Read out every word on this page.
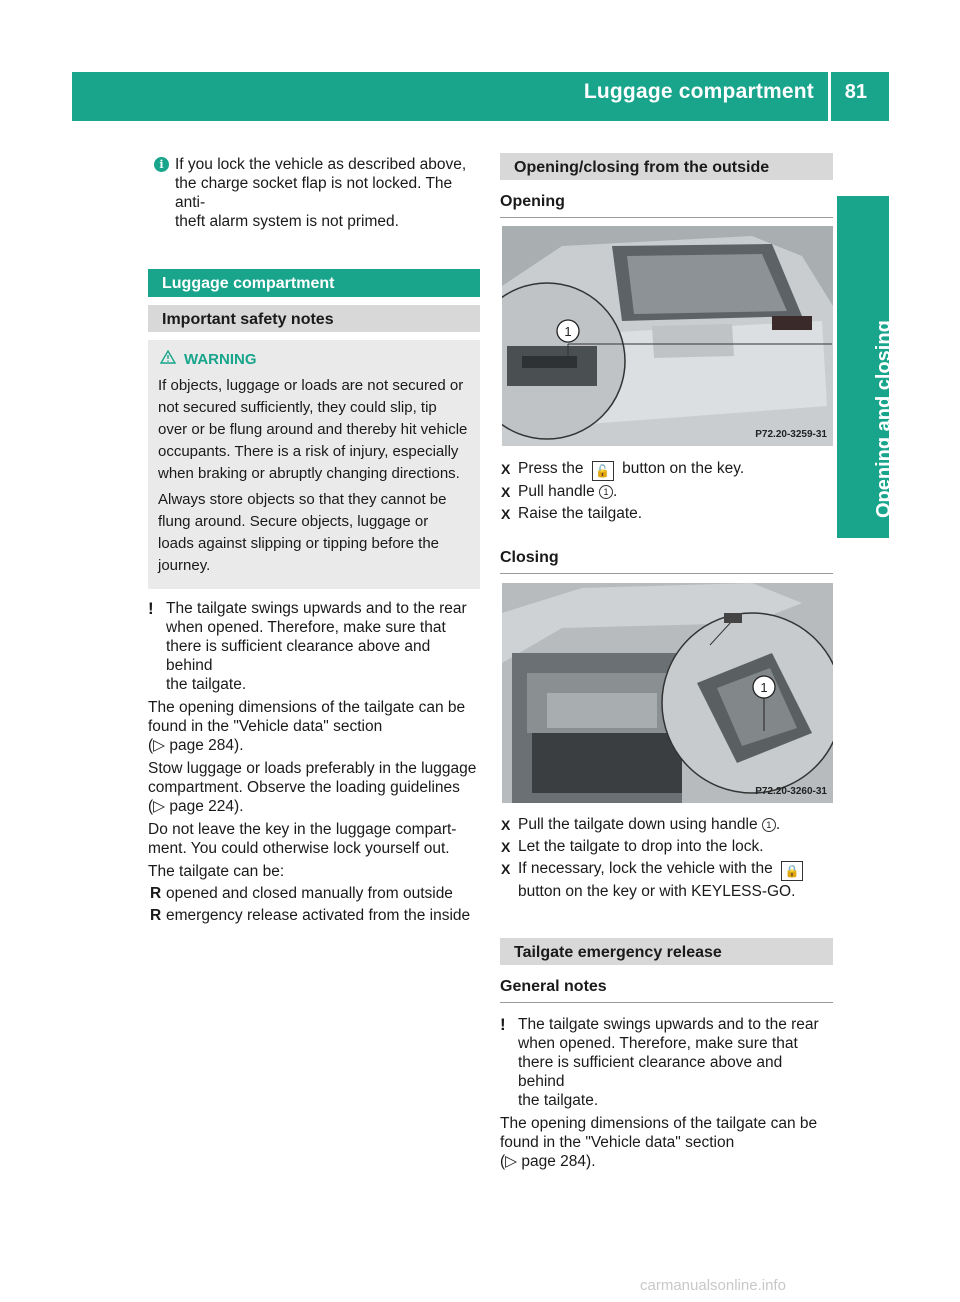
Luggage compartment 81
Opening and closing
i If you lock the vehicle as described above,
the charge socket flap is not locked. The anti-
theft alarm system is not primed.
Luggage compartment
Important safety notes
WARNING

If objects, luggage or loads are not secured or
not secured sufficiently, they could slip, tip
over or be flung around and thereby hit vehicle
occupants. There is a risk of injury, especially
when braking or abruptly changing directions.

Always store objects so that they cannot be
flung around. Secure objects, luggage or
loads against slipping or tipping before the
journey.

! The tailgate swings upwards and to the rear
when opened. Therefore, make sure that
there is sufficient clearance above and behind
the tailgate.
The opening dimensions of the tailgate can be
found in the "Vehicle data" section
(▷ page 284).
Stow luggage or loads preferably in the luggage
compartment. Observe the loading guidelines
(▷ page 224).
Do not leave the key in the luggage compart-
ment. You could otherwise lock yourself out.
The tailgate can be:
R opened and closed manually from outside
R emergency release activated from the inside
Opening/closing from the outside
Opening
1
P72.20-3259-31
X Press the 🔓 button on the key.
X Pull handle 1 .
X Raise the tailgate.
Closing
1
P72.20-3260-31
X Pull the tailgate down using handle 1 .
X Let the tailgate to drop into the lock.
X If necessary, lock the vehicle with the 🔒
button on the key or with KEYLESS-GO.
Tailgate emergency release
General notes
! The tailgate swings upwards and to the rear
when opened. Therefore, make sure that
there is sufficient clearance above and behind
the tailgate.
The opening dimensions of the tailgate can be
found in the "Vehicle data" section
(▷ page 284).
carmanualsonline.info
